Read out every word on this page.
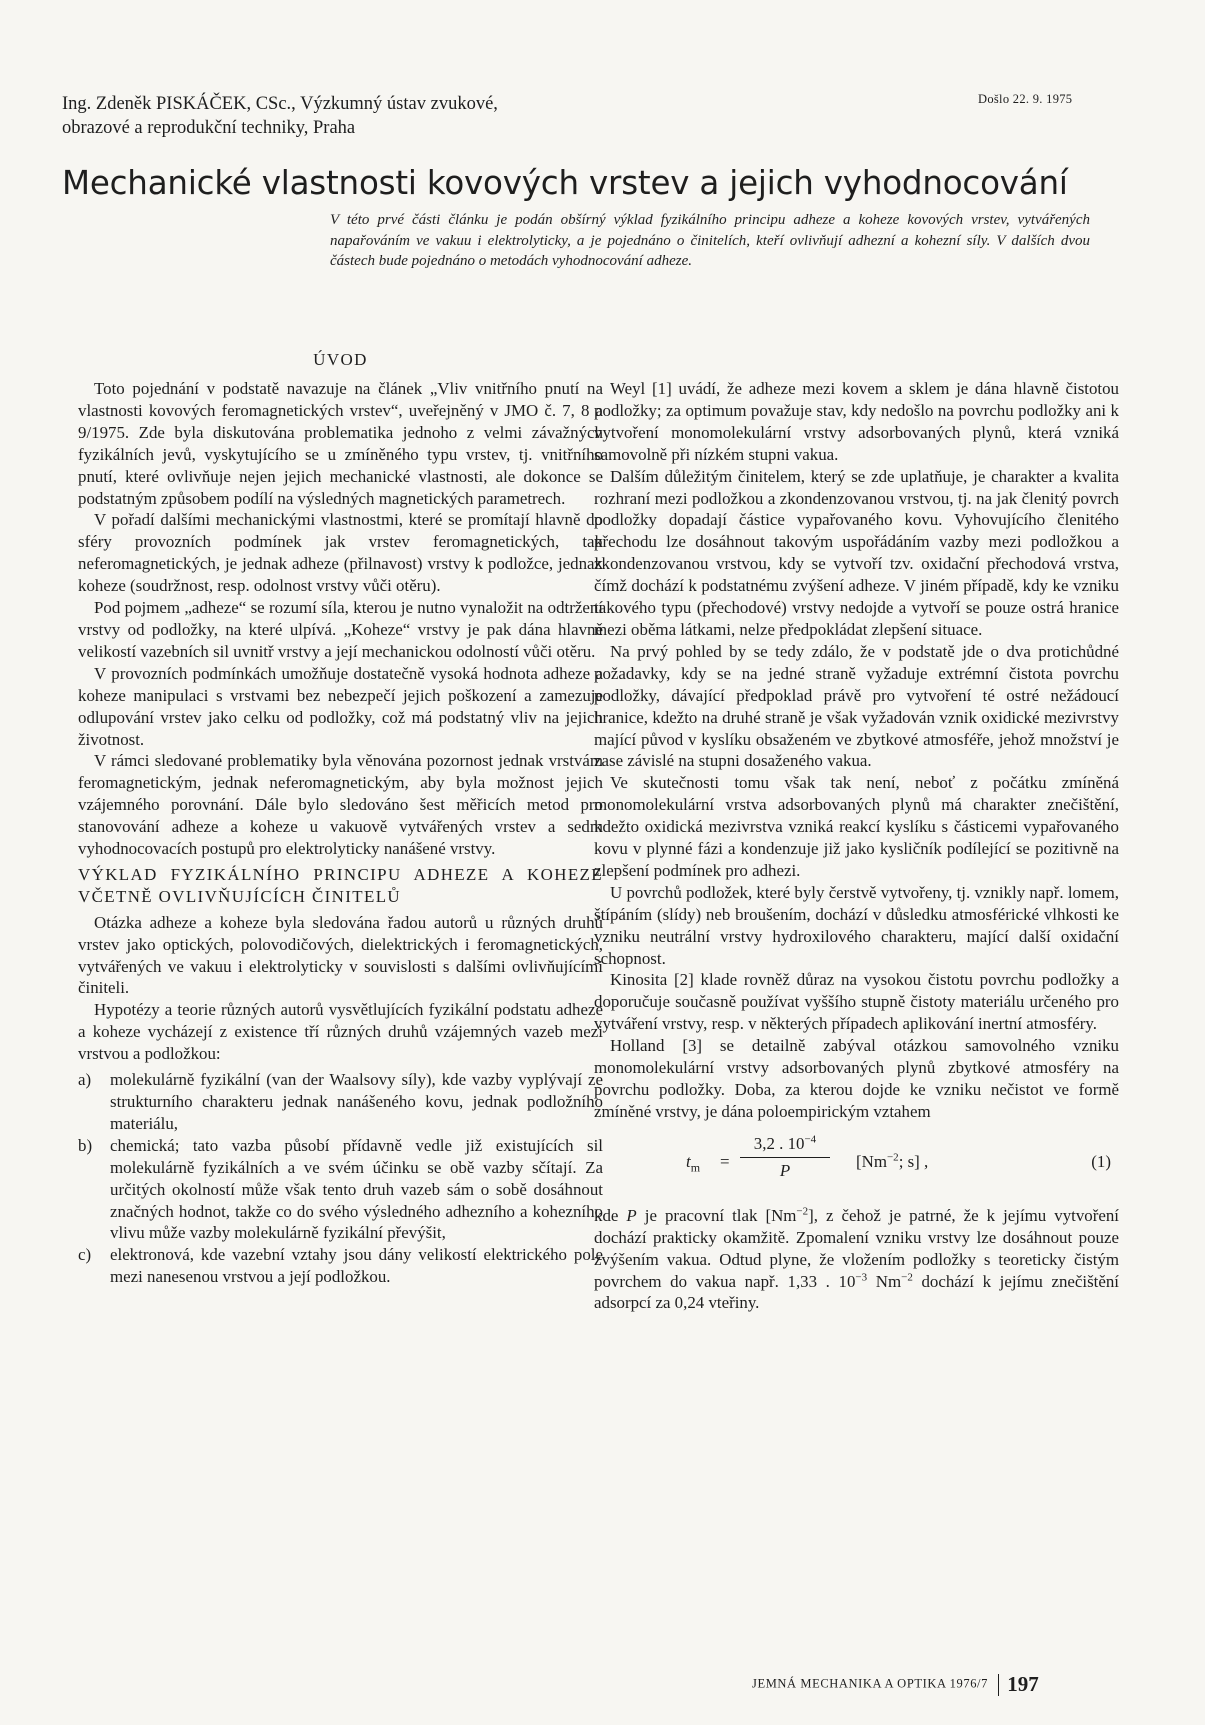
Ing. Zdeněk PISKÁČEK, CSc., Výzkumný ústav zvukové,
obrazové a reprodukční techniky, Praha
Došlo 22. 9. 1975
Mechanické vlastnosti kovových vrstev a jejich vyhodnocování
V této prvé části článku je podán obšírný výklad fyzikálního principu adheze a koheze kovových vrstev, vytvářených napařováním ve vakuu i elektrolyticky, a je pojednáno o činitelích, kteří ovlivňují adhezní a kohezní síly. V dalších dvou částech bude pojednáno o metodách vyhodnocování adheze.
ÚVOD

Toto pojednání v podstatě navazuje na článek „Vliv vnitřního pnutí na vlastnosti kovových feromagnetických vrstev“, uveřejněný v JMO č. 7, 8 a 9/1975. Zde byla diskutována problematika jednoho z velmi závažných fyzikálních jevů, vyskytujícího se u zmíněného typu vrstev, tj. vnitřního pnutí, které ovlivňuje nejen jejich mechanické vlastnosti, ale dokonce se podstatným způsobem podílí na výsledných magnetických parametrech.

V pořadí dalšími mechanickými vlastnostmi, které se promítají hlavně do sféry provozních podmínek jak vrstev feromagnetických, tak neferomagnetických, je jednak adheze (přilnavost) vrstvy k podložce, jednak koheze (soudržnost, resp. odolnost vrstvy vůči otěru).

Pod pojmem „adheze“ se rozumí síla, kterou je nutno vynaložit na odtržení vrstvy od podložky, na které ulpívá. „Koheze“ vrstvy je pak dána hlavně velikostí vazebních sil uvnitř vrstvy a její mechanickou odolností vůči otěru.

V provozních podmínkách umožňuje dostatečně vysoká hodnota adheze a koheze manipulaci s vrstvami bez nebezpečí jejich poškození a zamezuje odlupování vrstev jako celku od podložky, což má podstatný vliv na jejich životnost.

V rámci sledované problematiky byla věnována pozornost jednak vrstvám feromagnetickým, jednak neferomagnetickým, aby byla možnost jejich vzájemného porovnání. Dále bylo sledováno šest měřicích metod pro stanovování adheze a koheze u vakuově vytvářených vrstev a sedm vyhodnocovacích postupů pro elektrolyticky nanášené vrstvy.

VÝKLAD FYZIKÁLNÍHO PRINCIPU ADHEZE A KOHEZE VČETNĚ OVLIVŇUJÍCÍCH ČINITELŮ

Otázka adheze a koheze byla sledována řadou autorů u různých druhů vrstev jako optických, polovodičových, dielektrických i feromagnetických, vytvářených ve vakuu i elektrolyticky v souvislosti s dalšími ovlivňujícími činiteli.

Hypotézy a teorie různých autorů vysvětlujících fyzikální podstatu adheze a koheze vycházejí z existence tří různých druhů vzájemných vazeb mezi vrstvou a podložkou:

a) molekulárně fyzikální (van der Waalsovy síly), kde vazby vyplývají ze strukturního charakteru jednak nanášeného kovu, jednak podložního materiálu,
b) chemická; tato vazba působí přídavně vedle již existujících sil molekulárně fyzikálních a ve svém účinku se obě vazby sčítají. Za určitých okolností může však tento druh vazeb sám o sobě dosáhnout značných hodnot, takže co do svého výsledného adhezního a kohezního vlivu může vazby molekulárně fyzikální převýšit,
c) elektronová, kde vazební vztahy jsou dány velikostí elektrického pole mezi nanesenou vrstvou a její podložkou.

Weyl [1] uvádí, že adheze mezi kovem a sklem je dána hlavně čistotou podložky; za optimum považuje stav, kdy nedošlo na povrchu podložky ani k vytvoření monomolekulární vrstvy adsorbovaných plynů, která vzniká samovolně při nízkém stupni vakua.

Dalším důležitým činitelem, který se zde uplatňuje, je charakter a kvalita rozhraní mezi podložkou a zkondenzovanou vrstvou, tj. na jak členitý povrch podložky dopadají částice vypařovaného kovu. Vyhovujícího členitého přechodu lze dosáhnout takovým uspořádáním vazby mezi podložkou a zkondenzovanou vrstvou, kdy se vytvoří tzv. oxidační přechodová vrstva, čímž dochází k podstatnému zvýšení adheze. V jiném případě, kdy ke vzniku takového typu (přechodové) vrstvy nedojde a vytvoří se pouze ostrá hranice mezi oběma látkami, nelze předpokládat zlepšení situace.

Na prvý pohled by se tedy zdálo, že v podstatě jde o dva protichůdné požadavky, kdy se na jedné straně vyžaduje extrémní čistota povrchu podložky, dávající předpoklad právě pro vytvoření té ostré nežádoucí hranice, kdežto na druhé straně je však vyžadován vznik oxidické mezivrstvy mající původ v kyslíku obsaženém ve zbytkové atmosféře, jehož množství je zase závislé na stupni dosaženého vakua.

Ve skutečnosti tomu však tak není, neboť z počátku zmíněná monomolekulární vrstva adsorbovaných plynů má charakter znečištění, kdežto oxidická mezivrstva vzniká reakcí kyslíku s částicemi vypařovaného kovu v plynné fázi a kondenzuje již jako kysličník podílející se pozitivně na zlepšení podmínek pro adhezi.

U povrchů podložek, které byly čerstvě vytvořeny, tj. vznikly např. lomem, štípáním (slídy) neb broušením, dochází v důsledku atmosférické vlhkosti ke vzniku neutrální vrstvy hydroxilového charakteru, mající další oxidační schopnost.

Kinosita [2] klade rovněž důraz na vysokou čistotu povrchu podložky a doporučuje současně používat vyššího stupně čistoty materiálu určeného pro vytváření vrstvy, resp. v některých případech aplikování inertní atmosféry.

Holland [3] se detailně zabýval otázkou samovolného vzniku monomolekulární vrstvy adsorbovaných plynů zbytkové atmosféry na povrchu podložky. Doba, za kterou dojde ke vzniku nečistot ve formě zmíněné vrstvy, je dána poloempirickým vztahem

$t_m = \frac{3,2 . 10^{-4}}{P} [Nm^{-2}$; s] ,	(1)

kde P je pracovní tlak $[Nm^{-2}]$, z čehož je patrné, že k jejímu vytvoření dochází prakticky okamžitě. Zpomalení vzniku vrstvy lze dosáhnout pouze zvýšením vakua. Odtud plyne, že vložením podložky s teoreticky čistým povrchem do vakua např. 1,33 . $10^{-3}$ $Nm^{-2}$ dochází k jejímu znečištění adsorpcí za 0,24 vteřiny.

JEMNÁ MECHANIKA A OPTIKA 1976/7 197
